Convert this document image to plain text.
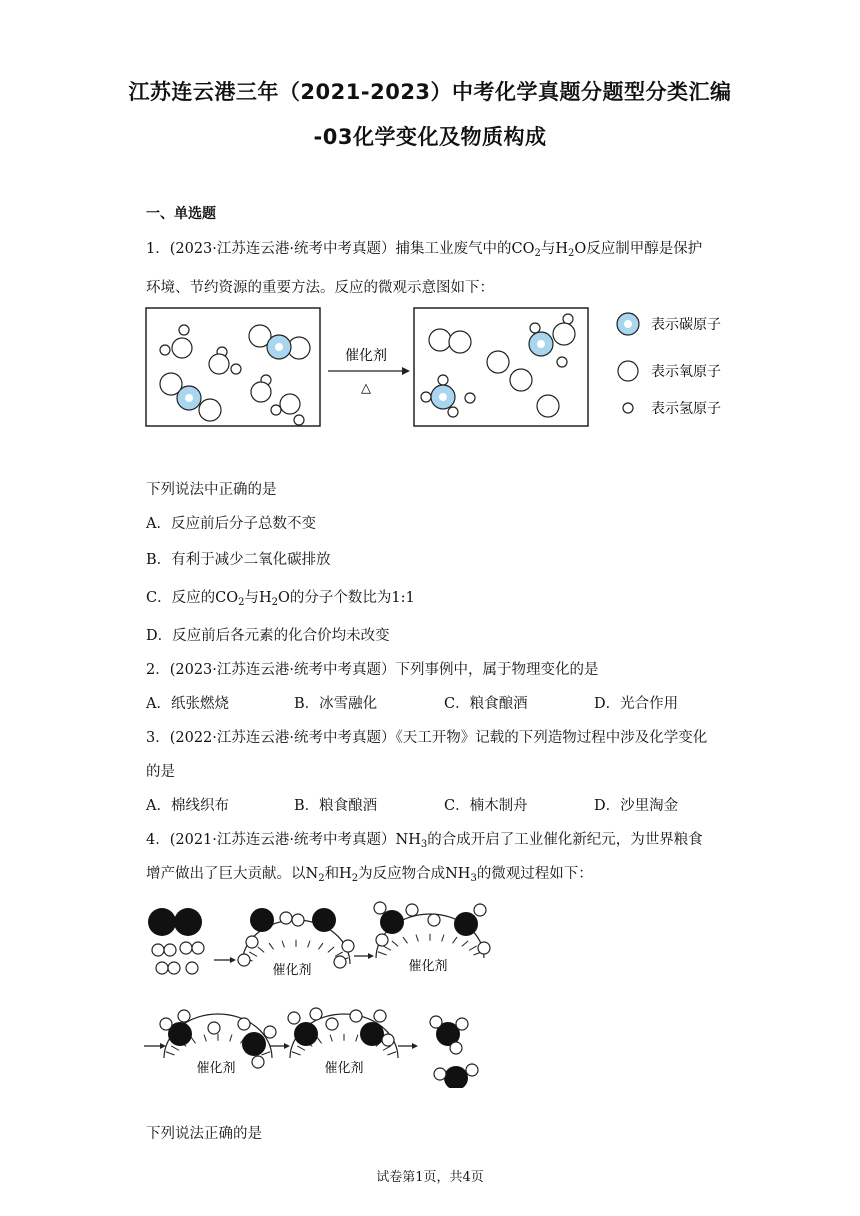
江苏连云港三年（2021-2023）中考化学真题分题型分类汇编
-03化学变化及物质构成
一、单选题
1．(2023·江苏连云港·统考中考真题）捕集工业废气中的$CO_2$与$H_2O$反应制甲醇是保护
环境、节约资源的重要方法。反应的微观示意图如下：
催化剂
△
表示碳原子
表示氧原子
表示氢原子
下列说法中正确的是
A．反应前后分子总数不变
B．有利于减少二氧化碳排放
C．反应的$CO_2$与$H_2O$的分子个数比为1:1
D．反应前后各元素的化合价均未改变
2．(2023·江苏连云港·统考中考真题）下列事例中，属于物理变化的是
A．纸张燃烧	B．冰雪融化	C．粮食酿酒	D．光合作用
3．(2022·江苏连云港·统考中考真题）《天工开物》记载的下列造物过程中涉及化学变化
的是
A．棉线织布	B．粮食酿酒	C．楠木制舟	D．沙里淘金
4．(2021·江苏连云港·统考中考真题）$NH_3$的合成开启了工业催化新纪元，为世界粮食
增产做出了巨大贡献。以$N_2$和$H_2$为反应物合成$NH_3$的微观过程如下：
催化剂	催化剂
催化剂	催化剂
下列说法正确的是
试卷第1页，共4页
